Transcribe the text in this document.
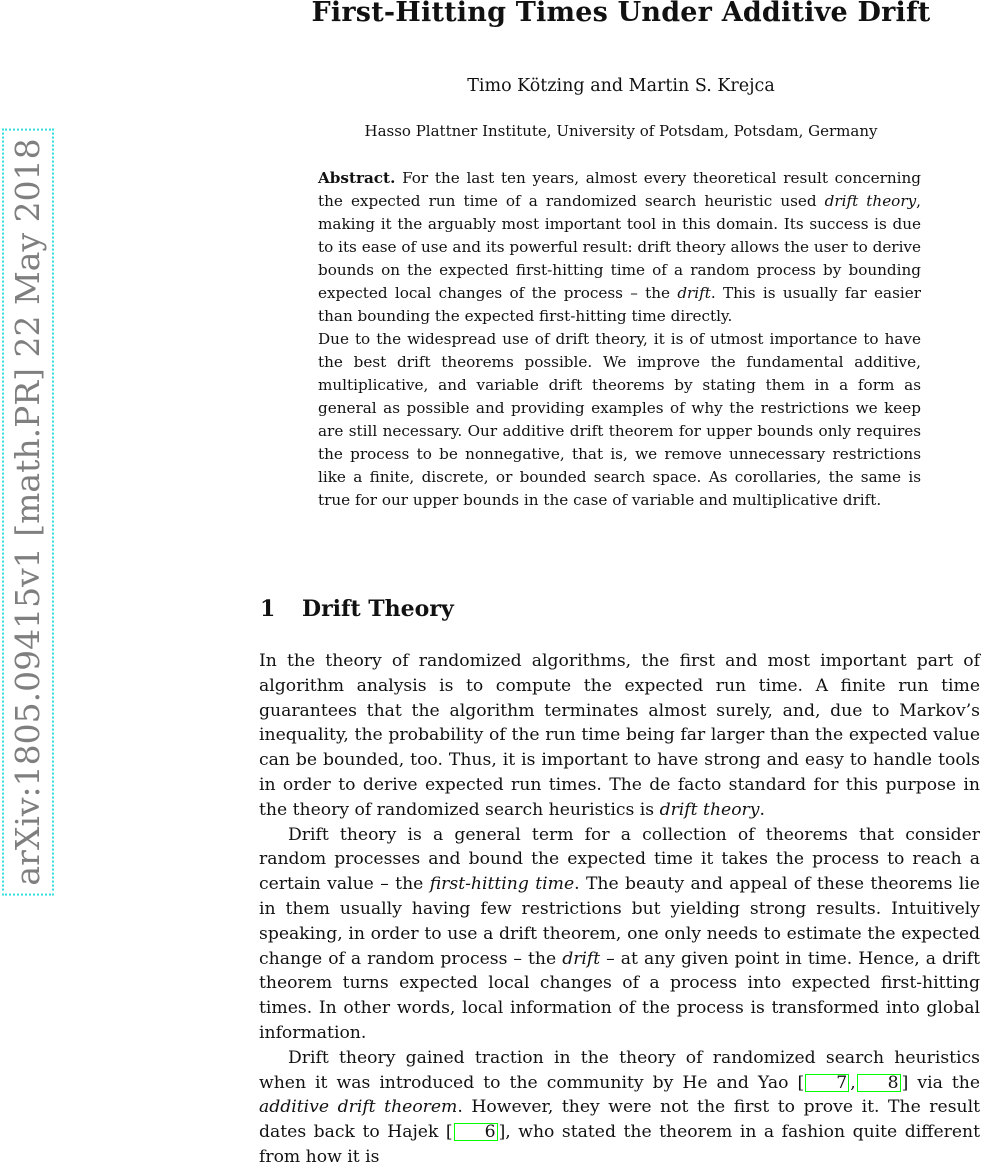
arXiv:1805.09415v1 [math.PR] 22 May 2018
First-Hitting Times Under Additive Drift
Timo Kötzing and Martin S. Krejca
Hasso Plattner Institute, University of Potsdam, Potsdam, Germany

Abstract. For the last ten years, almost every theoretical result concerning the expected run time of a randomized search heuristic used drift theory, making it the arguably most important tool in this domain. Its success is due to its ease of use and its powerful result: drift theory allows the user to derive bounds on the expected first-hitting time of a random process by bounding expected local changes of the process – the drift. This is usually far easier than bounding the expected first-hitting time directly.

Due to the widespread use of drift theory, it is of utmost importance to have the best drift theorems possible. We improve the fundamental additive, multiplicative, and variable drift theorems by stating them in a form as general as possible and providing examples of why the restrictions we keep are still necessary. Our additive drift theorem for upper bounds only requires the process to be nonnegative, that is, we remove unnecessary restrictions like a finite, discrete, or bounded search space. As corollaries, the same is true for our upper bounds in the case of variable and multiplicative drift.

1 Drift Theory

In the theory of randomized algorithms, the first and most important part of algorithm analysis is to compute the expected run time. A finite run time guarantees that the algorithm terminates almost surely, and, due to Markov’s inequality, the probability of the run time being far larger than the expected value can be bounded, too. Thus, it is important to have strong and easy to handle tools in order to derive expected run times. The de facto standard for this purpose in the theory of randomized search heuristics is drift theory.

Drift theory is a general term for a collection of theorems that consider random processes and bound the expected time it takes the process to reach a certain value – the first-hitting time. The beauty and appeal of these theorems lie in them usually having few restrictions but yielding strong results. Intuitively speaking, in order to use a drift theorem, one only needs to estimate the expected change of a random process – the drift – at any given point in time. Hence, a drift theorem turns expected local changes of a process into expected first-hitting times. In other words, local information of the process is transformed into global information.

Drift theory gained traction in the theory of randomized search heuristics when it was introduced to the community by He and Yao [ 7 , 8 ] via the additive drift theorem. However, they were not the first to prove it. The result dates back to Hajek [ 6 ], who stated the theorem in a fashion quite different from how it is
